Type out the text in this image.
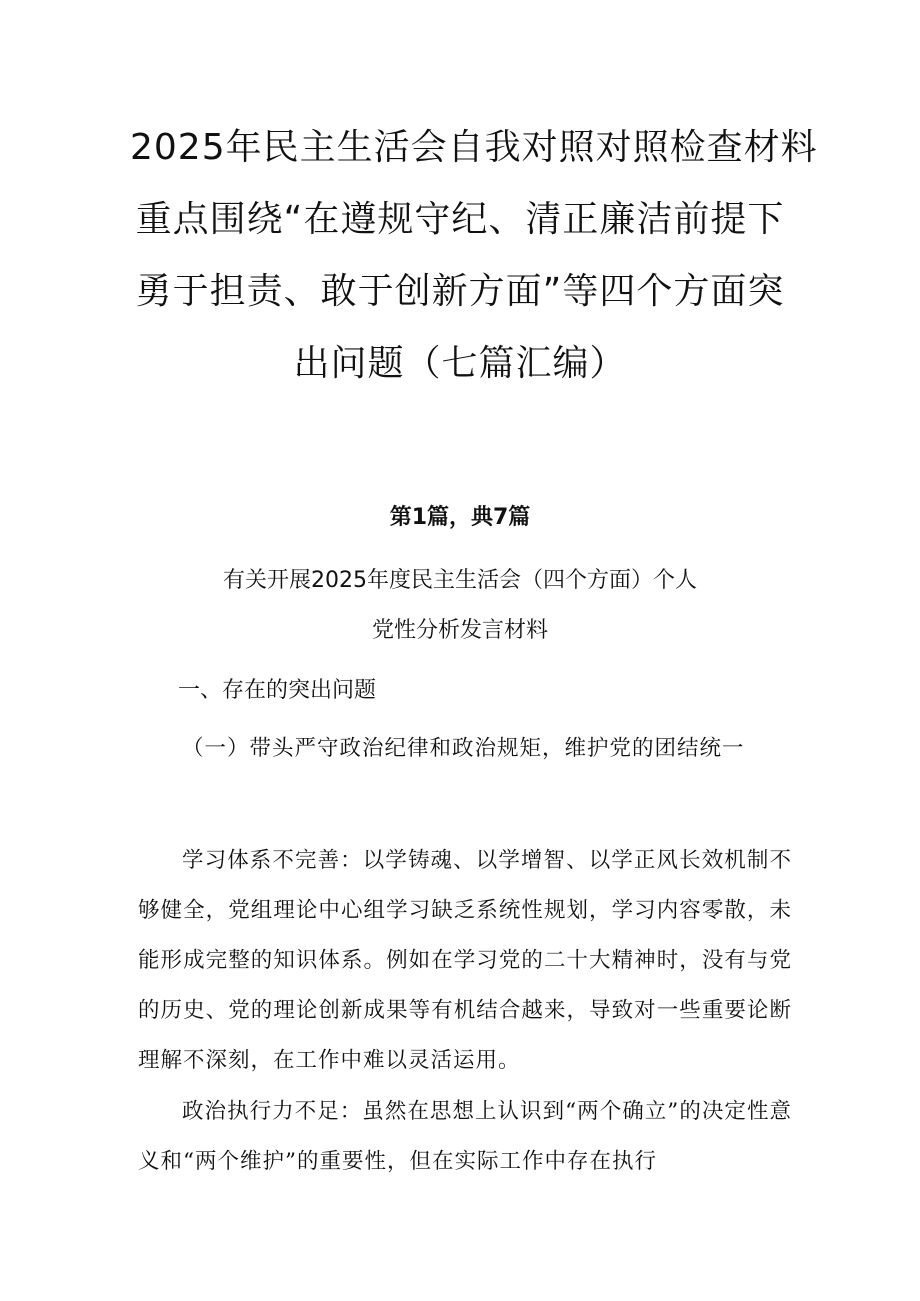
2025年民主生活会自我对照对照检查材料
重点围绕“在遵规守纪、清正廉洁前提下
勇于担责、敢于创新方面”等四个方面突
出问题（七篇汇编）
第1篇，典7篇
有关开展2025年度民主生活会（四个方面）个人
党性分析发言材料
一、存在的突出问题
（一）带头严守政治纪律和政治规矩，维护党的团结统一
学习体系不完善：以学铸魂、以学增智、以学正风长效机制不够健全，党组理论中心组学习缺乏系统性规划，学习内容零散，未能形成完整的知识体系。例如在学习党的二十大精神时，没有与党的历史、党的理论创新成果等有机结合越来，导致对一些重要论断理解不深刻，在工作中难以灵活运用。
政治执行力不足：虽然在思想上认识到“两个确立”的决定性意义和“两个维护”的重要性，但在实际工作中存在执行
